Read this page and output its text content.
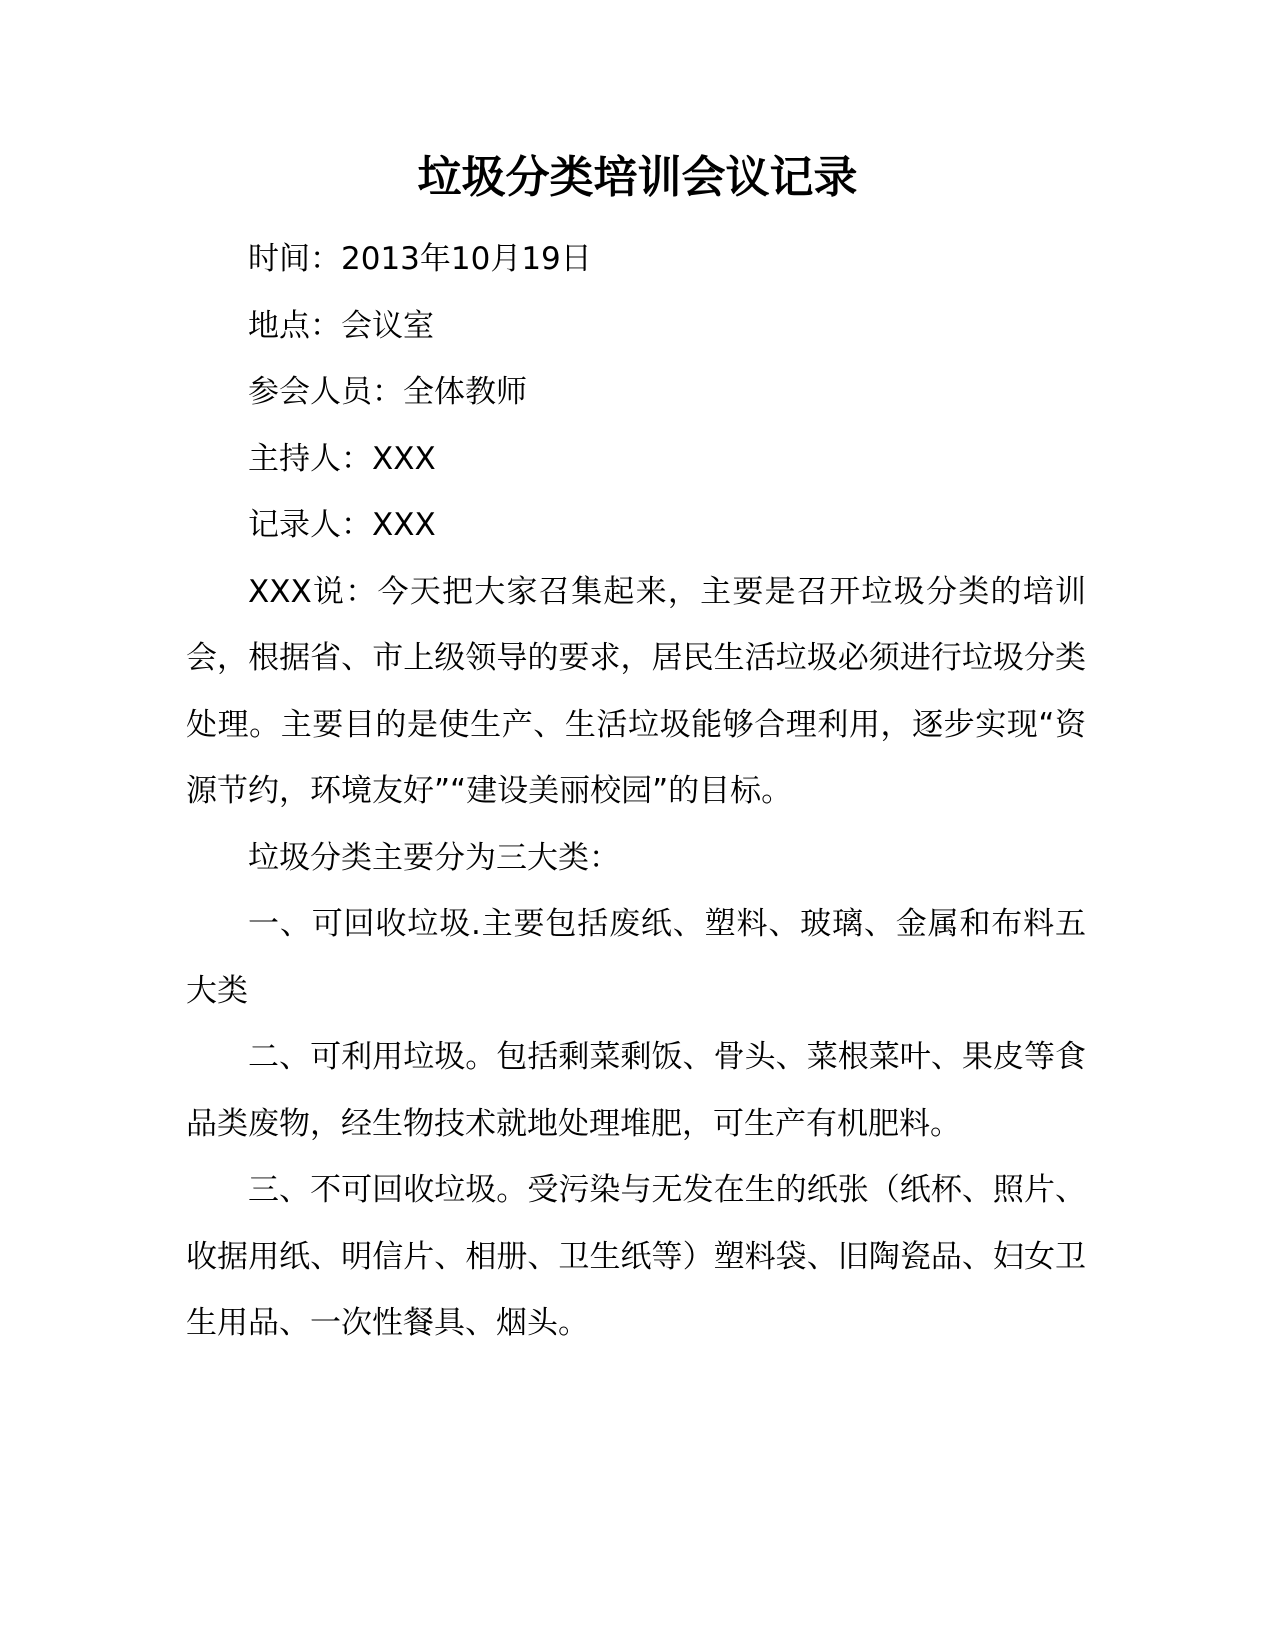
垃圾分类培训会议记录

时间：2013年10月19日

地点：会议室

参会人员：全体教师

主持人：XXX

记录人：XXX

XXX说：今天把大家召集起来，主要是召开垃圾分类的培训会，根据省、市上级领导的要求，居民生活垃圾必须进行垃圾分类处理。主要目的是使生产、生活垃圾能够合理利用，逐步实现“资源节约，环境友好”“建设美丽校园”的目标。

垃圾分类主要分为三大类：

一、可回收垃圾.主要包括废纸、塑料、玻璃、金属和布料五大类

二、可利用垃圾。包括剩菜剩饭、骨头、菜根菜叶、果皮等食品类废物，经生物技术就地处理堆肥，可生产有机肥料。

三、不可回收垃圾。受污染与无发在生的纸张（纸杯、照片、收据用纸、明信片、相册、卫生纸等）塑料袋、旧陶瓷品、妇女卫生用品、一次性餐具、烟头。
